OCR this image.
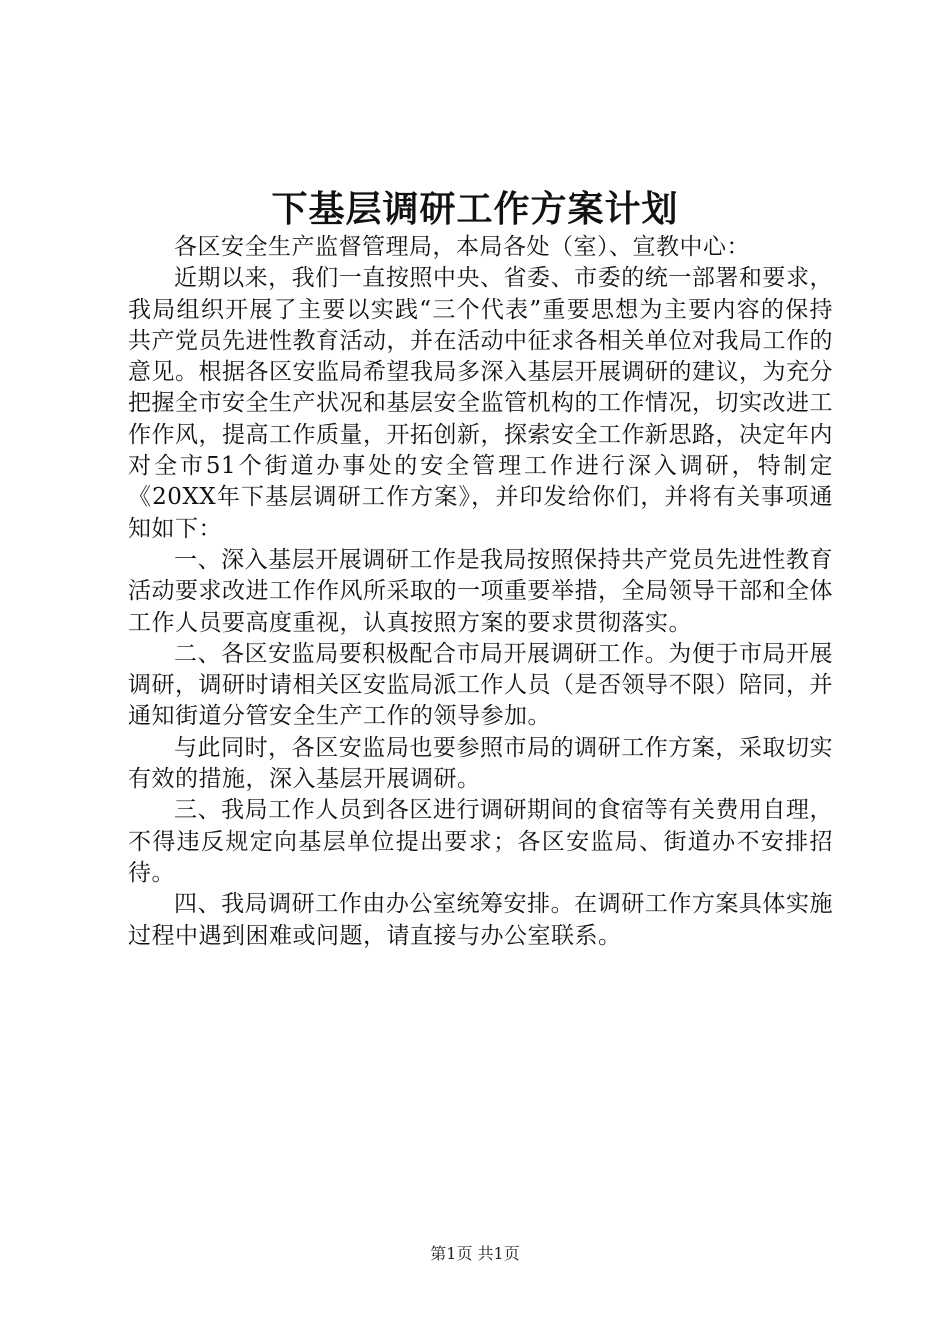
下基层调研工作方案计划

各区安全生产监督管理局，本局各处（室）、宣教中心：

近期以来，我们一直按照中央、省委、市委的统一部署和要求，我局组织开展了主要以实践“三个代表”重要思想为主要内容的保持共产党员先进性教育活动，并在活动中征求各相关单位对我局工作的意见。根据各区安监局希望我局多深入基层开展调研的建议，为充分把握全市安全生产状况和基层安全监管机构的工作情况，切实改进工作作风，提高工作质量，开拓创新，探索安全工作新思路，决定年内对全市51个街道办事处的安全管理工作进行深入调研，特制定《20XX年下基层调研工作方案》，并印发给你们，并将有关事项通知如下：

一、深入基层开展调研工作是我局按照保持共产党员先进性教育活动要求改进工作作风所采取的一项重要举措，全局领导干部和全体工作人员要高度重视，认真按照方案的要求贯彻落实。

二、各区安监局要积极配合市局开展调研工作。为便于市局开展调研，调研时请相关区安监局派工作人员（是否领导不限）陪同，并通知街道分管安全生产工作的领导参加。

与此同时，各区安监局也要参照市局的调研工作方案，采取切实有效的措施，深入基层开展调研。

三、我局工作人员到各区进行调研期间的食宿等有关费用自理，不得违反规定向基层单位提出要求；各区安监局、街道办不安排招待。

四、我局调研工作由办公室统筹安排。在调研工作方案具体实施过程中遇到困难或问题，请直接与办公室联系。

第1页 共1页
